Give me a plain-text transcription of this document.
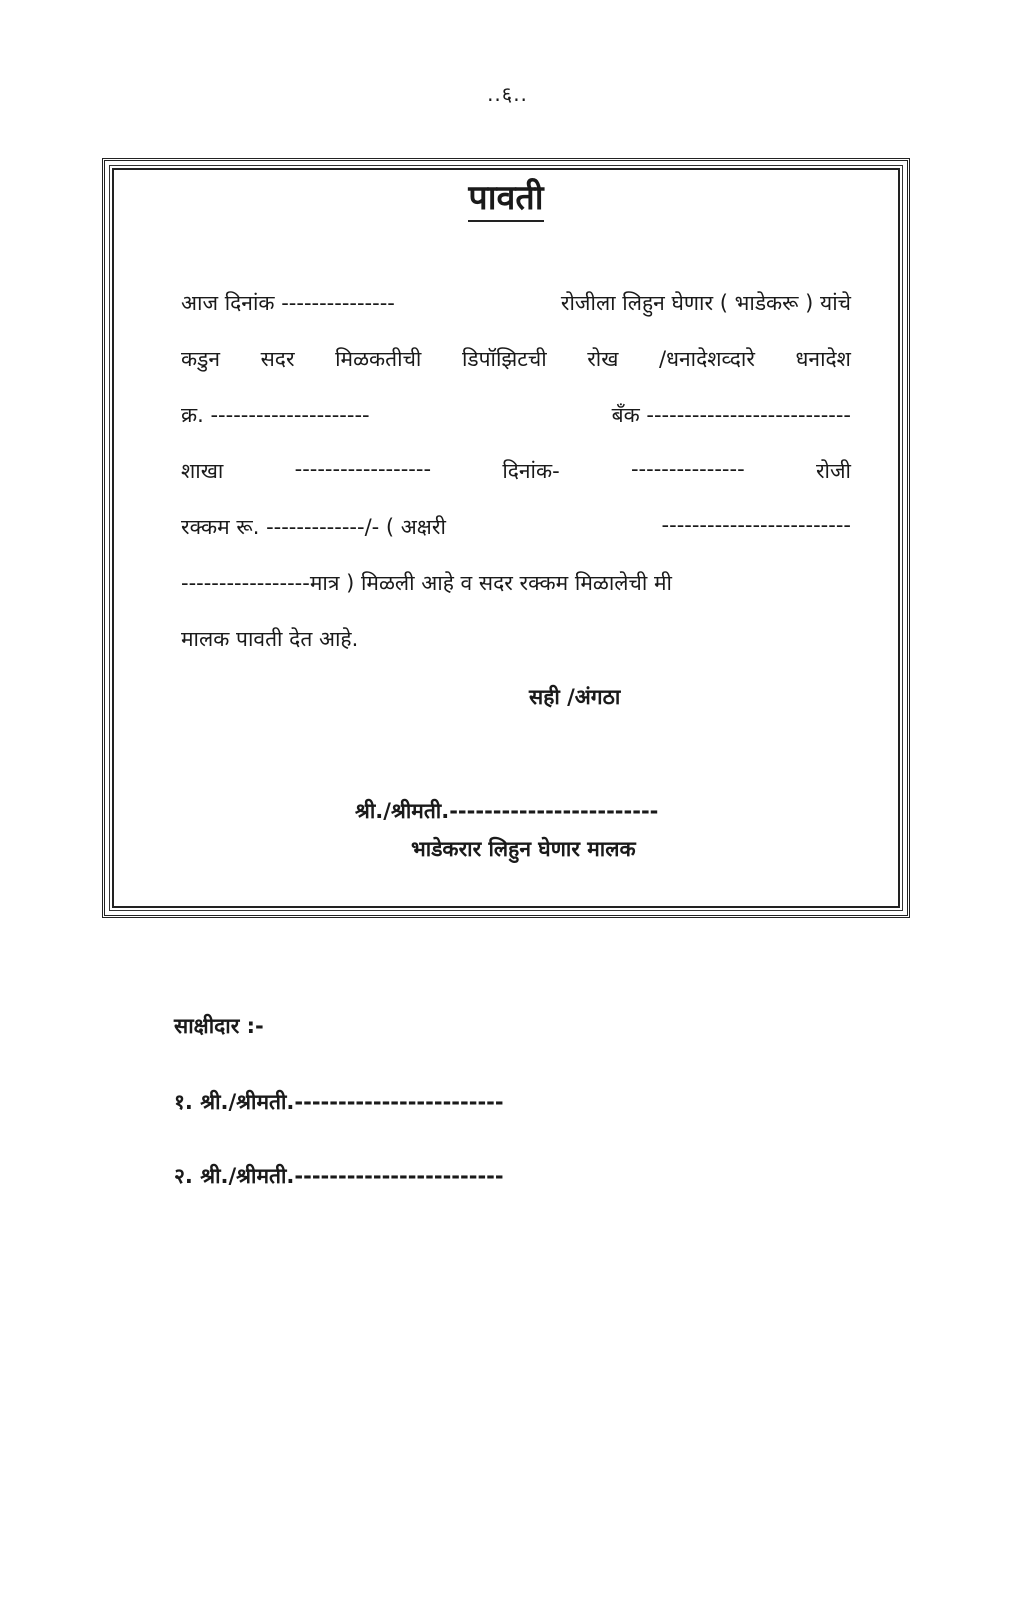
..६..
पावती
आज दिनांक ---------------	रोजीला लिहुन घेणार ( भाडेकरू ) यांचे
कडुन सदर मिळकतीची डिपॉझिटची रोख /धनादेशव्दारे धनादेश
क्र. ---------------------	बँक ---------------------------
शाखा	------------------	दिनांक-	---------------	रोजी
रक्कम रू. -------------/- ( अक्षरी	-------------------------
-----------------मात्र ) मिळली आहे व सदर रक्कम मिळालेची मी
मालक पावती देत आहे.
सही /अंगठा
श्री./श्रीमती.------------------------
भाडेकरार लिहुन घेणार मालक
साक्षीदार :-
१. श्री./श्रीमती.------------------------
२. श्री./श्रीमती.------------------------
